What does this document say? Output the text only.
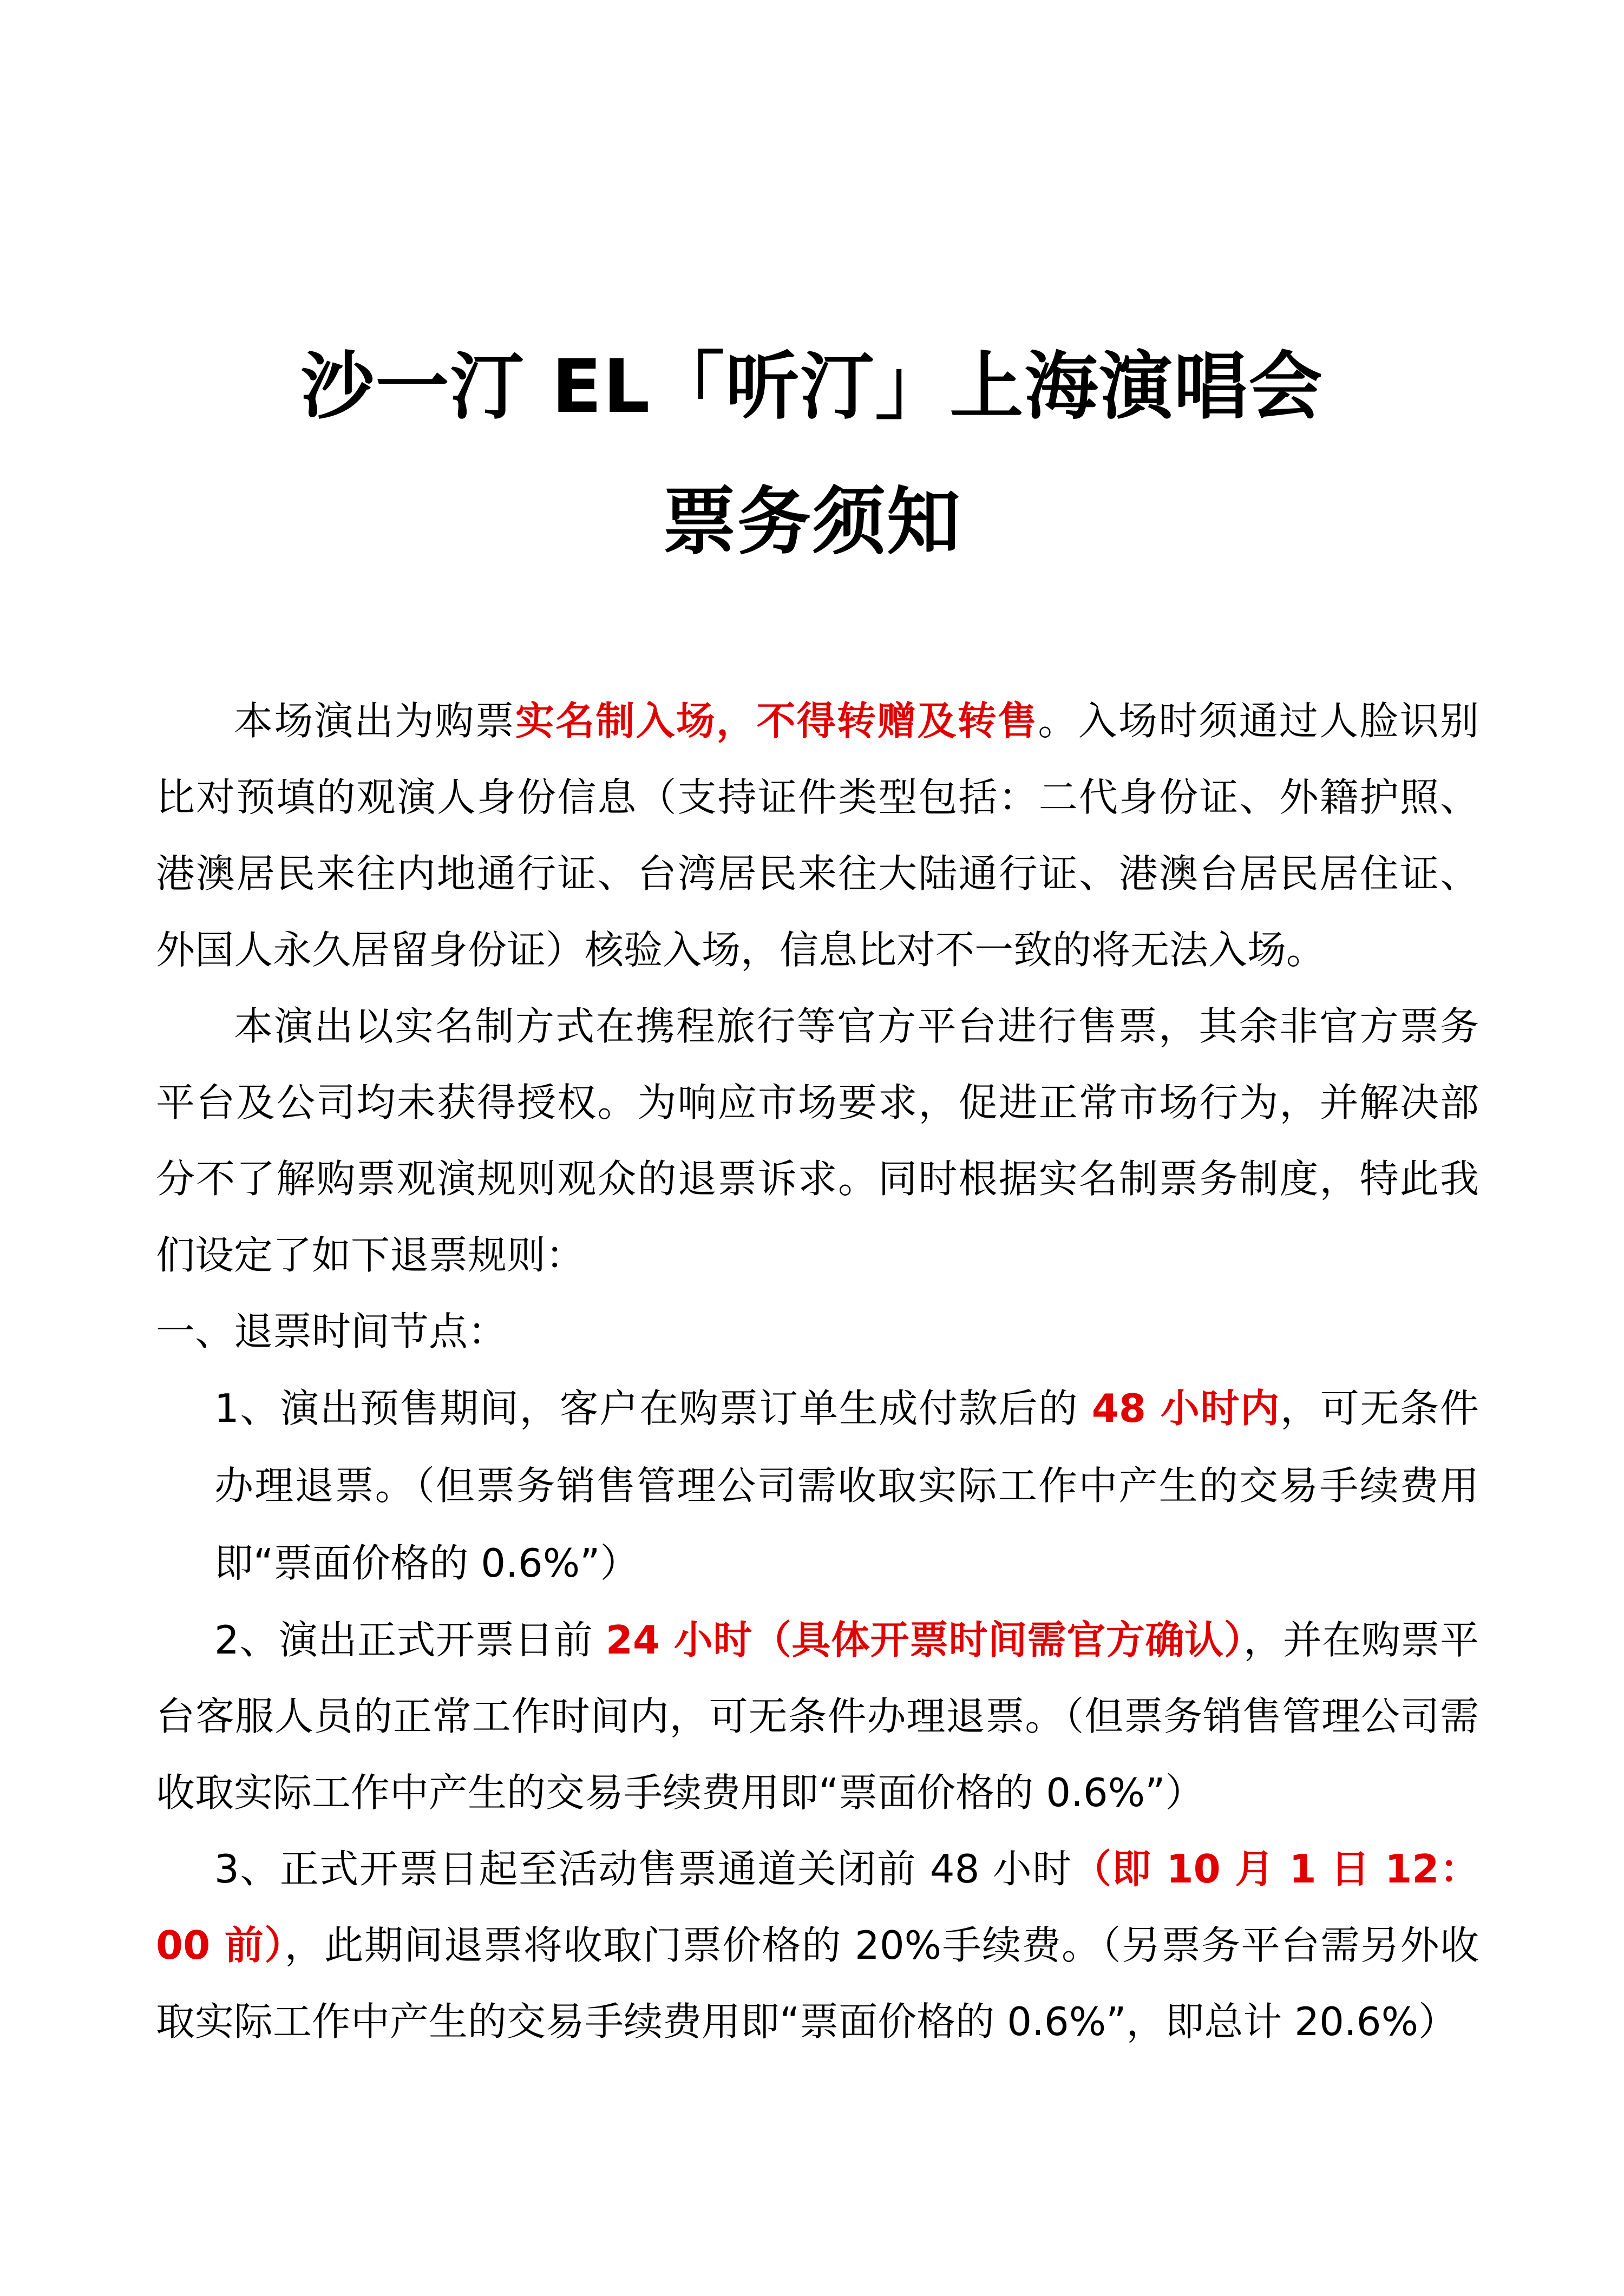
沙一汀 EL「听汀」上海演唱会
票务须知

本场演出为购票实名制入场，不得转赠及转售。入场时须通过人脸识别比对预填的观演人身份信息（支持证件类型包括：二代身份证、外籍护照、港澳居民来往内地通行证、台湾居民来往大陆通行证、港澳台居民居住证、外国人永久居留身份证）核验入场，信息比对不一致的将无法入场。

本演出以实名制方式在携程旅行等官方平台进行售票，其余非官方票务平台及公司均未获得授权。为响应市场要求，促进正常市场行为，并解决部分不了解购票观演规则观众的退票诉求。同时根据实名制票务制度，特此我们设定了如下退票规则：

一、退票时间节点：

1、演出预售期间，客户在购票订单生成付款后的 48 小时内，可无条件办理退票。（但票务销售管理公司需收取实际工作中产生的交易手续费用即“票面价格的 0.6%”）

2、演出正式开票日前 24 小时（具体开票时间需官方确认），并在购票平台客服人员的正常工作时间内，可无条件办理退票。（但票务销售管理公司需收取实际工作中产生的交易手续费用即“票面价格的 0.6%”）

3、正式开票日起至活动售票通道关闭前 48 小时（即 10 月 1 日 12：00 前），此期间退票将收取门票价格的 20%手续费。（另票务平台需另外收取实际工作中产生的交易手续费用即“票面价格的 0.6%”，即总计 20.6%）
